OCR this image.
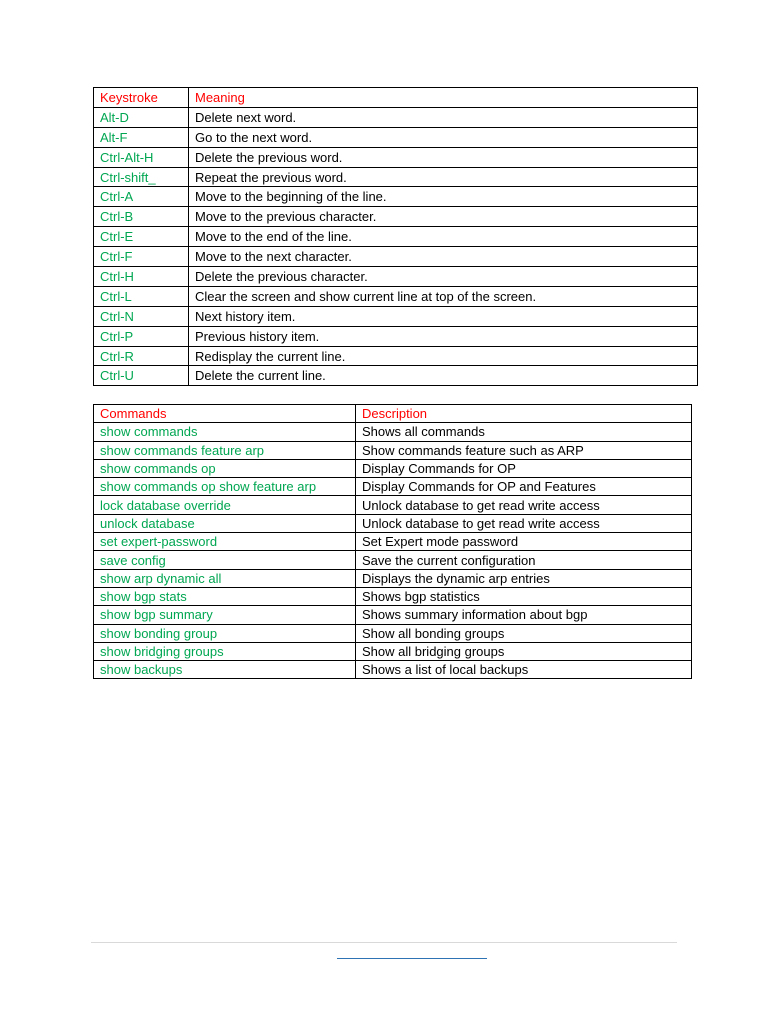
Keystroke	Meaning
Alt-D	Delete next word.
Alt-F	Go to the next word.
Ctrl-Alt-H	Delete the previous word.
Ctrl-shift_	Repeat the previous word.
Ctrl-A	Move to the beginning of the line.
Ctrl-B	Move to the previous character.
Ctrl-E	Move to the end of the line.
Ctrl-F	Move to the next character.
Ctrl-H	Delete the previous character.
Ctrl-L	Clear the screen and show current line at top of the screen.
Ctrl-N	Next history item.
Ctrl-P	Previous history item.
Ctrl-R	Redisplay the current line.
Ctrl-U	Delete the current line.
Commands	Description
show commands	Shows all commands
show commands feature arp	Show commands feature such as ARP
show commands op	Display Commands for OP
show commands op show feature arp	Display Commands for OP and Features
lock database override	Unlock database to get read write access
unlock database	Unlock database to get read write access
set expert-password	Set Expert mode password
save config	Save the current configuration
show arp dynamic all	Displays the dynamic arp entries
show bgp stats	Shows bgp statistics
show bgp summary	Shows summary information about bgp
show bonding group	Show all bonding groups
show bridging groups	Show all bridging groups
show backups	Shows a list of local backups
